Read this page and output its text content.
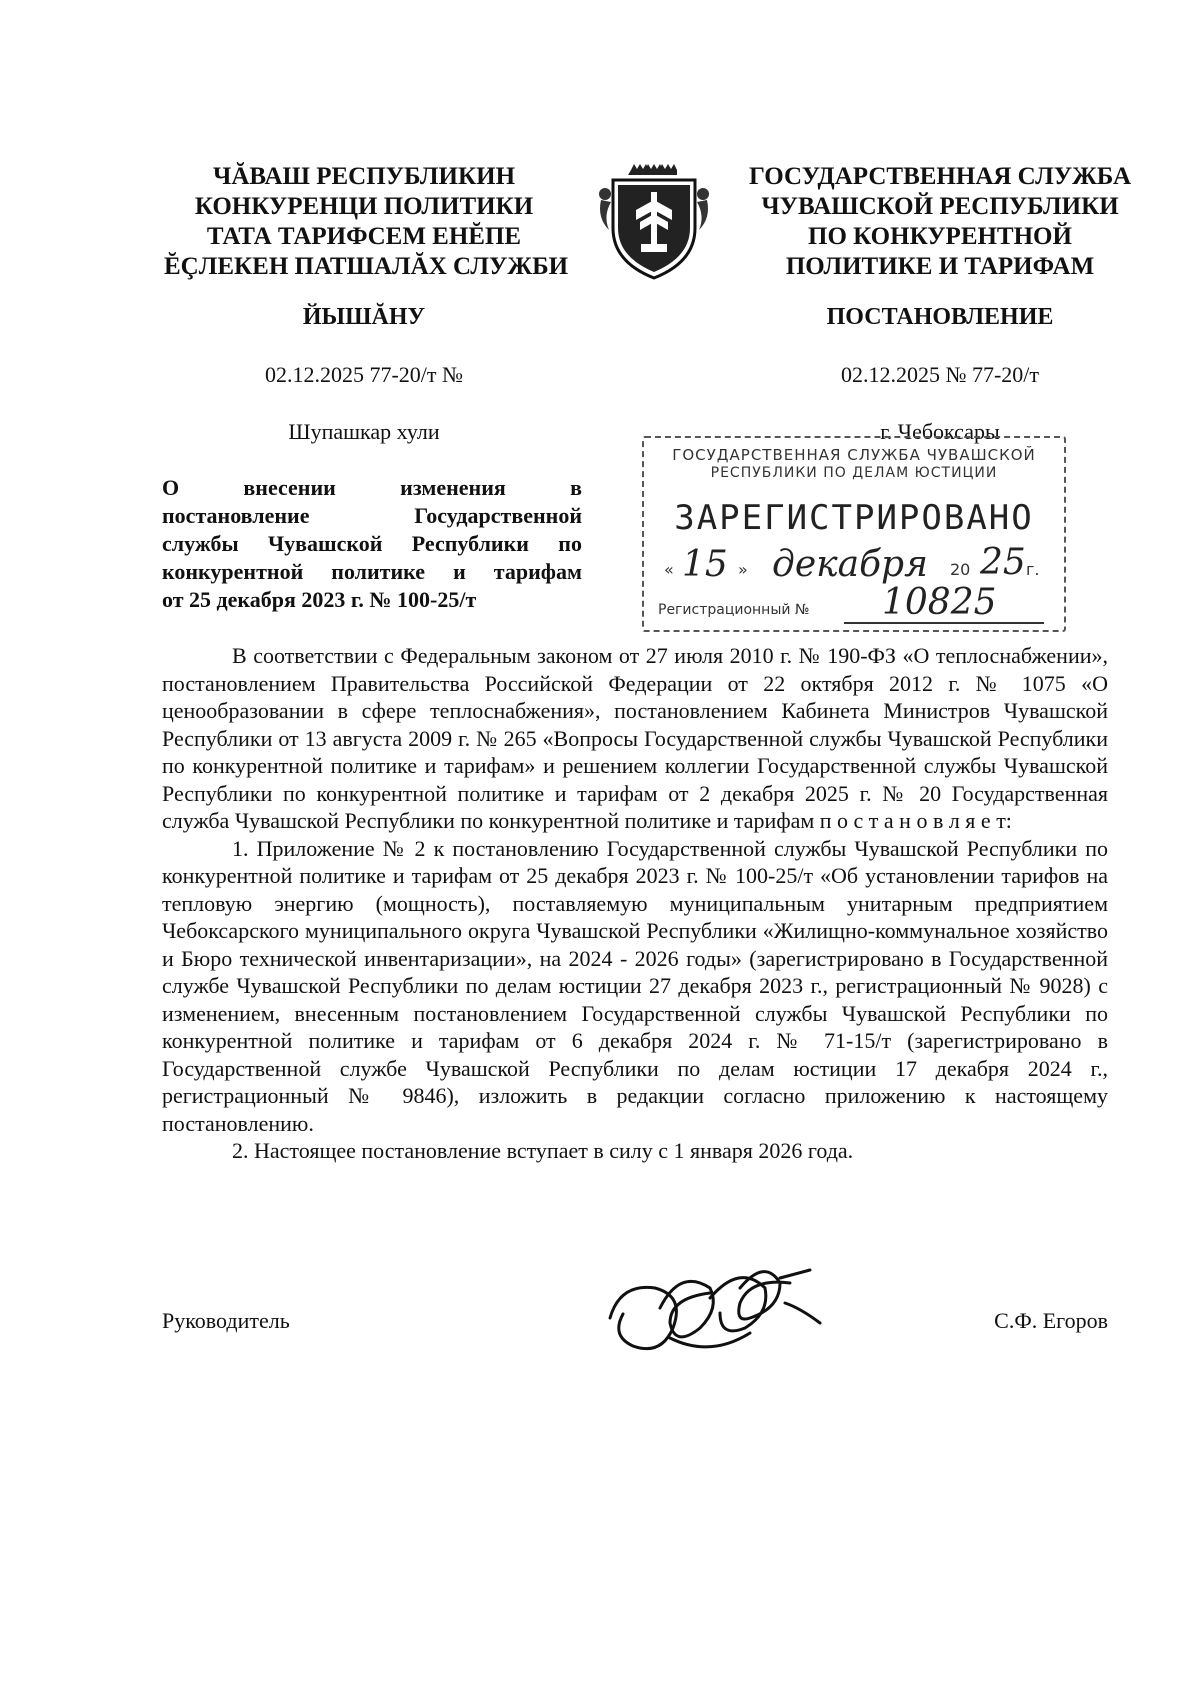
ЧĂВАШ РЕСПУБЛИКИН
КОНКУРЕНЦИ ПОЛИТИКИ
ТАТА ТАРИФСЕМ ЕНĔПЕ
ĔÇЛЕКЕН ПАТШАЛĂХ СЛУЖБИ
ГОСУДАРСТВЕННАЯ СЛУЖБА
ЧУВАШСКОЙ РЕСПУБЛИКИ
ПО КОНКУРЕНТНОЙ
ПОЛИТИКЕ И ТАРИФАМ
ЙЫШĂНУ	ПОСТАНОВЛЕНИЕ
02.12.2025 77-20/т №	02.12.2025 № 77-20/т
Шупашкар хули	г. Чебоксары
О	внесении	изменения	в
постановление	Государственной
службы Чувашской Республики по
конкурентной политике и тарифам
от 25 декабря 2023 г. № 100-25/т
ГОСУДАРСТВЕННАЯ СЛУЖБА ЧУВАШСКОЙ
РЕСПУБЛИКИ ПО ДЕЛАМ ЮСТИЦИИ
ЗАРЕГИСТРИРОВАНО
« 15 » декабря 20 25 г.
Регистрационный № 10825

В соответствии с Федеральным законом от 27 июля 2010 г. № 190-ФЗ «О теплоснабжении», постановлением Правительства Российской Федерации от 22 октября 2012 г. № 1075 «О ценообразовании в сфере теплоснабжения», постановлением Кабинета Министров Чувашской Республики от 13 августа 2009 г. № 265 «Вопросы Государственной службы Чувашской Республики по конкурентной политике и тарифам» и решением коллегии Государственной службы Чувашской Республики по конкурентной политике и тарифам от 2 декабря 2025 г. № 20 Государственная служба Чувашской Республики по конкурентной политике и тарифам п о с т а н о в л я е т:

1. Приложение № 2 к постановлению Государственной службы Чувашской Республики по конкурентной политике и тарифам от 25 декабря 2023 г. № 100-25/т «Об установлении тарифов на тепловую энергию (мощность), поставляемую муниципальным унитарным предприятием Чебоксарского муниципального округа Чувашской Республики «Жилищно-коммунальное хозяйство и Бюро технической инвентаризации», на 2024 - 2026 годы» (зарегистрировано в Государственной службе Чувашской Республики по делам юстиции 27 декабря 2023 г., регистрационный № 9028) с изменением, внесенным постановлением Государственной службы Чувашской Республики по конкурентной политике и тарифам от 6 декабря 2024 г. № 71-15/т (зарегистрировано в Государственной службе Чувашской Республики по делам юстиции 17 декабря 2024 г., регистрационный № 9846), изложить в редакции согласно приложению к настоящему постановлению.

2. Настоящее постановление вступает в силу с 1 января 2026 года.

Руководитель	С.Ф. Егоров
